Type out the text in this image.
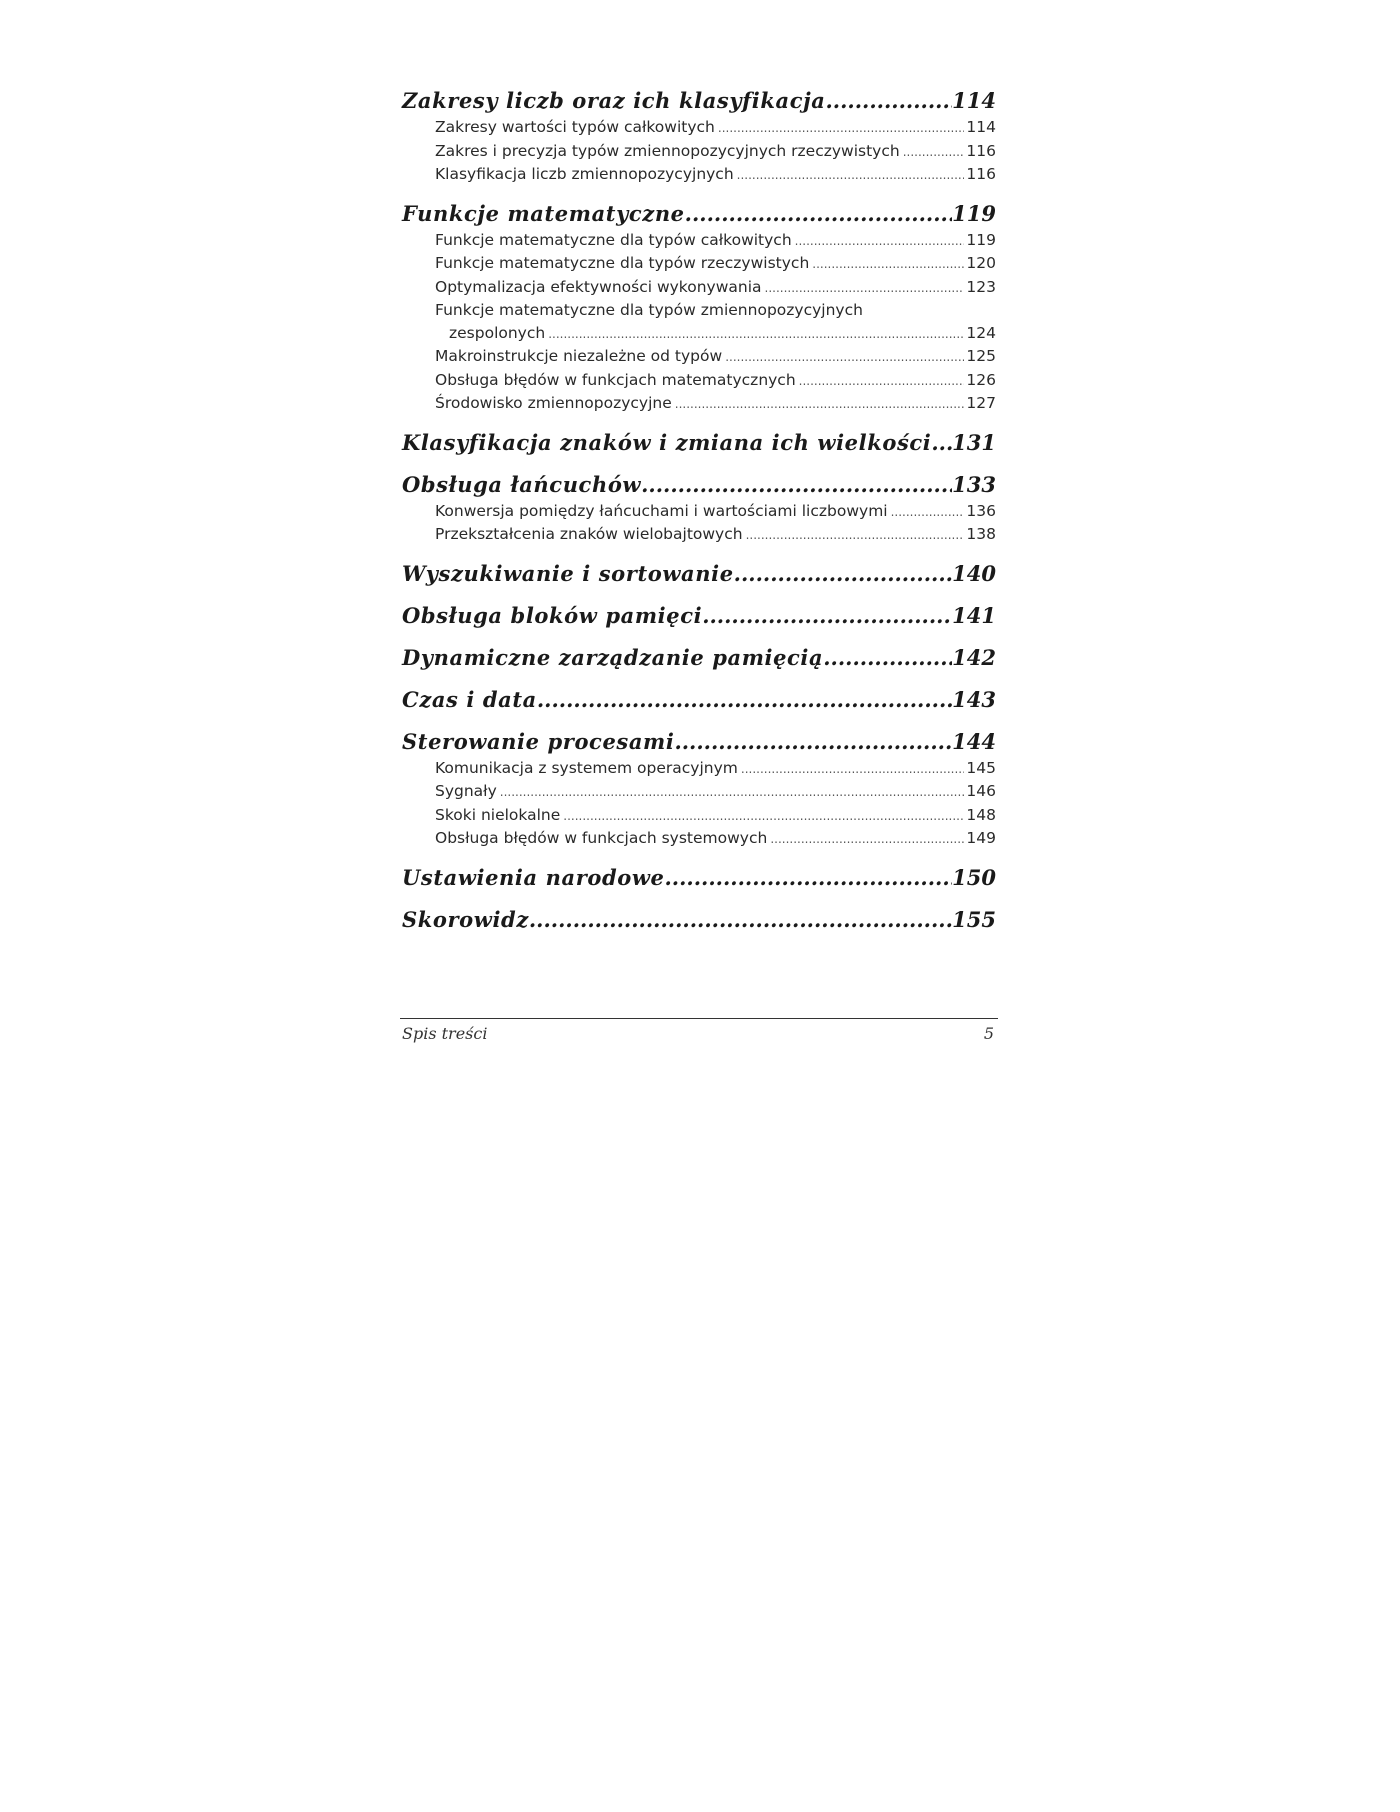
Zakresy liczb oraz ich klasyfikacja .....	114
Zakresy wartości typów całkowitych .....	114
Zakres i precyzja typów zmiennopozycyjnych rzeczywistych .....	116
Klasyfikacja liczb zmiennopozycyjnych .....	116
Funkcje matematyczne .....	119
Funkcje matematyczne dla typów całkowitych .....	119
Funkcje matematyczne dla typów rzeczywistych .....	120
Optymalizacja efektywności wykonywania .....	123
Funkcje matematyczne dla typów zmiennopozycyjnych
zespolonych .....	124
Makroinstrukcje niezależne od typów .....	125
Obsługa błędów w funkcjach matematycznych .....	126
Środowisko zmiennopozycyjne .....	127
Klasyfikacja znaków i zmiana ich wielkości ..... 131
Obsługa łańcuchów .....	133
Konwersja pomiędzy łańcuchami i wartościami liczbowymi .....	136
Przekształcenia znaków wielobajtowych .....	138
Wyszukiwanie i sortowanie .....	140
Obsługa bloków pamięci .....	141
Dynamiczne zarządzanie pamięcią .....	142
Czas i data .....	143
Sterowanie procesami .....	144
Komunikacja z systemem operacyjnym .....	145
Sygnały .....	146
Skoki nielokalne .....	148
Obsługa błędów w funkcjach systemowych .....	149
Ustawienia narodowe .....	150
Skorowidz .....	155
Spis treści	5
